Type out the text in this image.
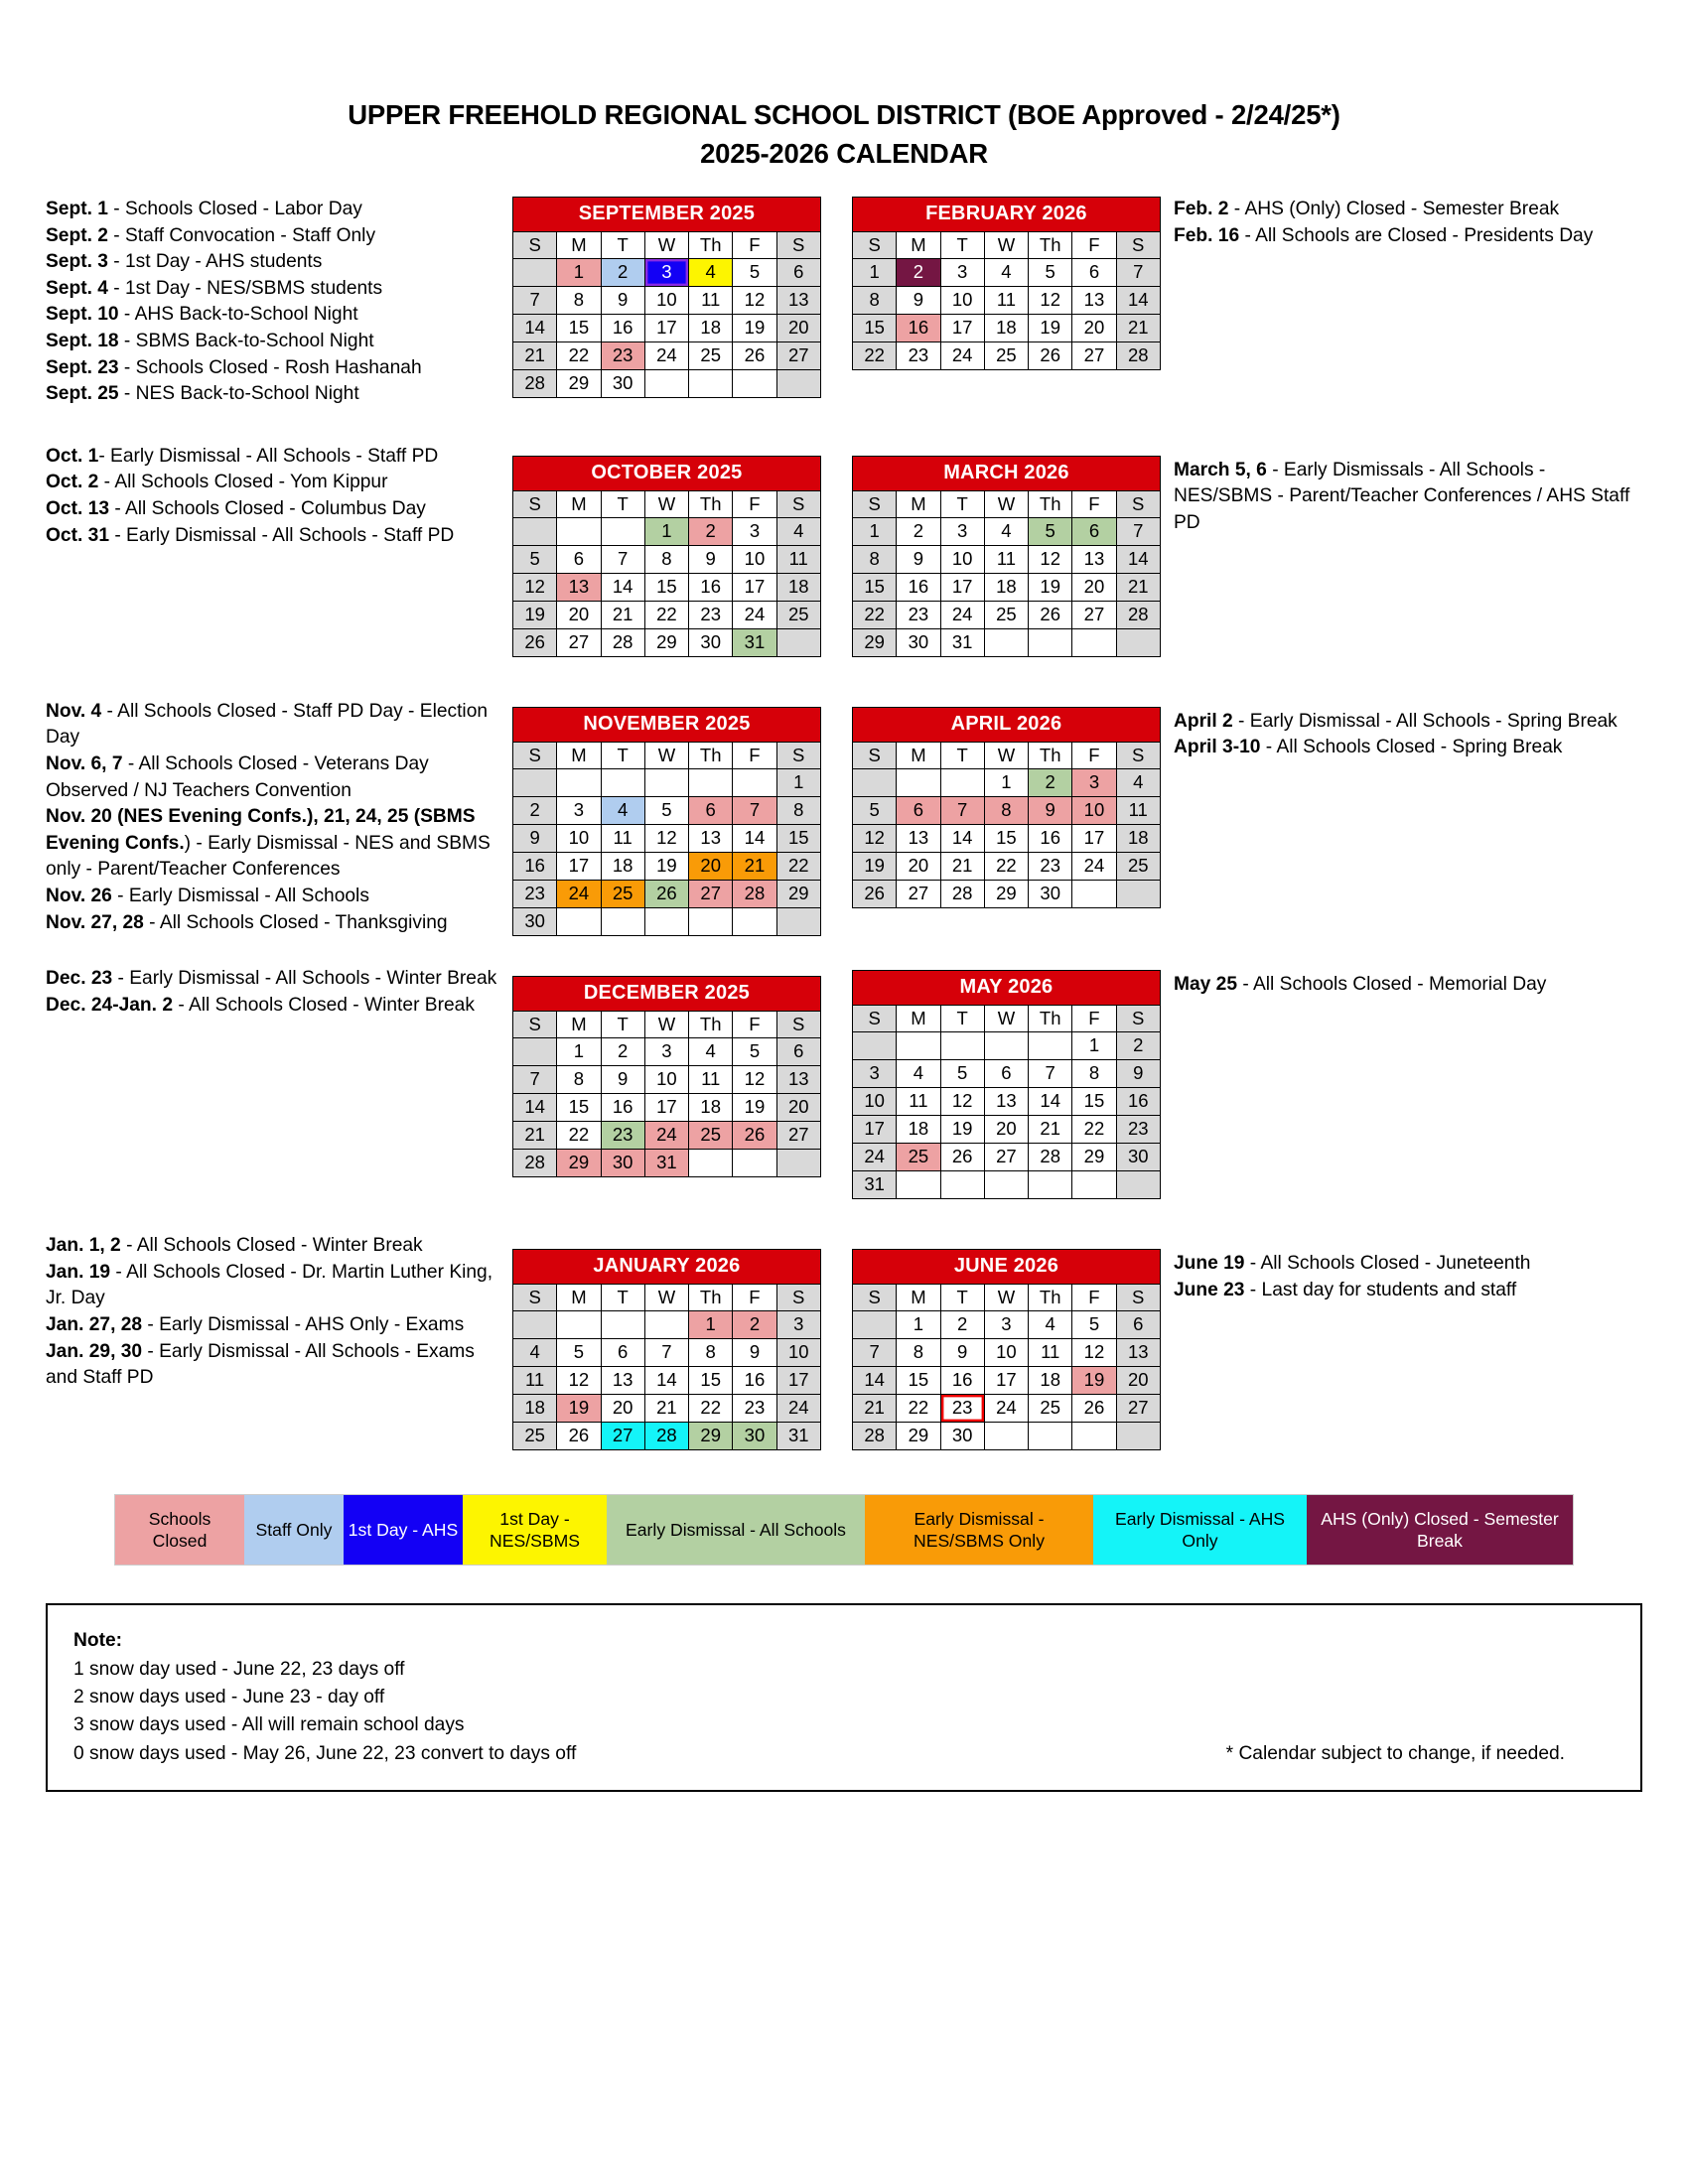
UPPER FREEHOLD REGIONAL SCHOOL DISTRICT (BOE Approved - 2/24/25*)
2025-2026 CALENDAR
Sept. 1 - Schools Closed - Labor Day
Sept. 2 - Staff Convocation - Staff Only
Sept. 3 - 1st Day - AHS students
Sept. 4 - 1st Day - NES/SBMS students
Sept. 10 - AHS Back-to-School Night
Sept. 18 - SBMS Back-to-School Night
Sept. 23 - Schools Closed - Rosh Hashanah
Sept. 25 - NES Back-to-School Night
SEPTEMBER 2025
S	M	T	W	Th	F	S
	1	2	3	4	5	6
7	8	9	10	11	12	13
14	15	16	17	18	19	20
21	22	23	24	25	26	27
28	29	30				
FEBRUARY 2026
S	M	T	W	Th	F	S
1	2	3	4	5	6	7
8	9	10	11	12	13	14
15	16	17	18	19	20	21
22	23	24	25	26	27	28
Feb. 2 - AHS (Only) Closed - Semester Break
Feb. 16 - All Schools are Closed - Presidents Day
Oct. 1- Early Dismissal - All Schools - Staff PD
Oct. 2 - All Schools Closed - Yom Kippur
Oct. 13 - All Schools Closed - Columbus Day
Oct. 31 - Early Dismissal - All Schools - Staff PD
OCTOBER 2025
S	M	T	W	Th	F	S
			1	2	3	4
5	6	7	8	9	10	11
12	13	14	15	16	17	18
19	20	21	22	23	24	25
26	27	28	29	30	31	
MARCH 2026
S	M	T	W	Th	F	S
1	2	3	4	5	6	7
8	9	10	11	12	13	14
15	16	17	18	19	20	21
22	23	24	25	26	27	28
29	30	31				
March 5, 6 - Early Dismissals - All Schools - NES/SBMS - Parent/Teacher Conferences / AHS Staff PD
Nov. 4 - All Schools Closed - Staff PD Day - Election Day
Nov. 6, 7 - All Schools Closed - Veterans Day Observed / NJ Teachers Convention
Nov. 20 (NES Evening Confs.), 21, 24, 25 (SBMS Evening Confs.) - Early Dismissal - NES and SBMS only - Parent/Teacher Conferences
Nov. 26 - Early Dismissal - All Schools
Nov. 27, 28 - All Schools Closed - Thanksgiving
NOVEMBER 2025
S	M	T	W	Th	F	S
						1
2	3	4	5	6	7	8
9	10	11	12	13	14	15
16	17	18	19	20	21	22
23	24	25	26	27	28	29
30						
APRIL 2026
S	M	T	W	Th	F	S
			1	2	3	4
5	6	7	8	9	10	11
12	13	14	15	16	17	18
19	20	21	22	23	24	25
26	27	28	29	30		
April 2 - Early Dismissal - All Schools - Spring Break
April 3-10 - All Schools Closed - Spring Break
Dec. 23 - Early Dismissal - All Schools - Winter Break
Dec. 24-Jan. 2 - All Schools Closed - Winter Break
DECEMBER 2025
S	M	T	W	Th	F	S
	1	2	3	4	5	6
7	8	9	10	11	12	13
14	15	16	17	18	19	20
21	22	23	24	25	26	27
28	29	30	31			
MAY 2026
S	M	T	W	Th	F	S
					1	2
3	4	5	6	7	8	9
10	11	12	13	14	15	16
17	18	19	20	21	22	23
24	25	26	27	28	29	30
31						
May 25 - All Schools Closed - Memorial Day
Jan. 1, 2 - All Schools Closed - Winter Break
Jan. 19 - All Schools Closed - Dr. Martin Luther King, Jr. Day
Jan. 27, 28 - Early Dismissal - AHS Only - Exams
Jan. 29, 30 - Early Dismissal - All Schools - Exams and Staff PD
JANUARY 2026
S	M	T	W	Th	F	S
				1	2	3
4	5	6	7	8	9	10
11	12	13	14	15	16	17
18	19	20	21	22	23	24
25	26	27	28	29	30	31
JUNE 2026
S	M	T	W	Th	F	S
	1	2	3	4	5	6
7	8	9	10	11	12	13
14	15	16	17	18	19	20
21	22	23	24	25	26	27
28	29	30				
June 19 - All Schools Closed - Juneteenth
June 23 - Last day for students and staff
Schools Closed
Staff Only 1st Day - AHS
1st Day - NES/SBMS
Early Dismissal - All Schools
Early Dismissal - NES/SBMS Only
Early Dismissal - AHS Only
AHS (Only) Closed - Semester Break
Note:
1 snow day used - June 22, 23 days off
2 snow days used - June 23 - day off
3 snow days used - All will remain school days
0 snow days used - May 26, June 22, 23 convert to days off	* Calendar subject to change, if needed.
